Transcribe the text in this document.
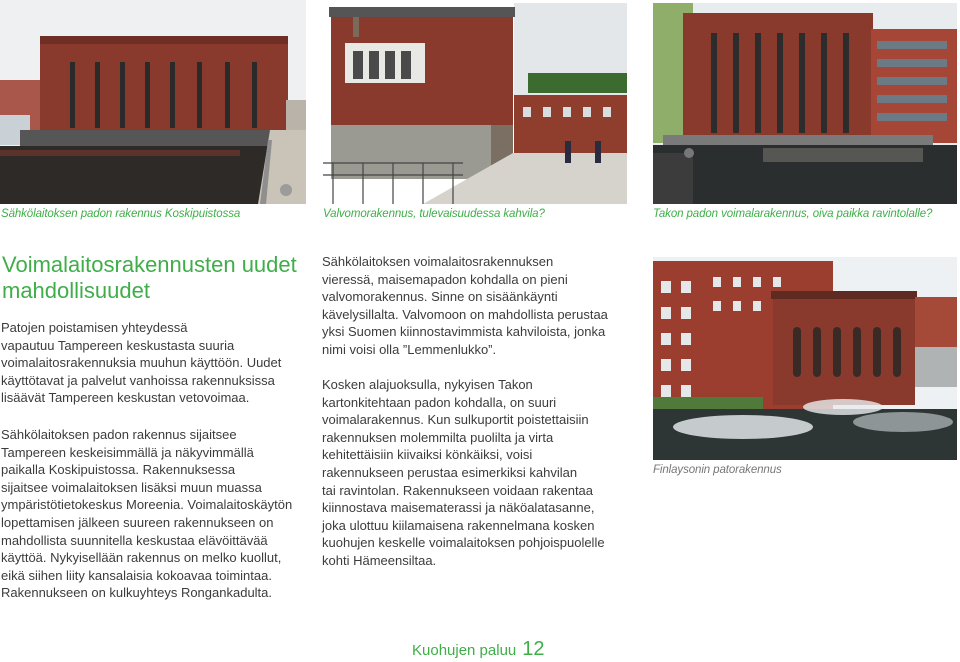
Sähkölaitoksen padon rakennus Koskipuistossa	Valvomorakennus, tulevaisuudessa kahvila?	Takon padon voimalarakennus, oiva paikka ravintolalle?
Finlaysonin patorakennus
Voimalaitosrakennusten uudet
mahdollisuudet
Patojen poistamisen yhteydessä
vapautuu Tampereen keskustasta suuria
voimalaitosrakennuksia muuhun käyttöön. Uudet
käyttötavat ja palvelut vanhoissa rakennuksissa
lisäävät Tampereen keskustan vetovoimaa.
Sähkölaitoksen padon rakennus sijaitsee
Tampereen keskeisimmällä ja näkyvimmällä
paikalla Koskipuistossa. Rakennuksessa
sijaitsee voimalaitoksen lisäksi muun muassa
ympäristötietokeskus Moreenia. Voimalaitoskäytön
lopettamisen jälkeen suureen rakennukseen on
mahdollista suunnitella keskustaa elävöittävää
käyttöä. Nykyisellään rakennus on melko kuollut,
eikä siihen liity kansalaisia kokoavaa toimintaa.
Rakennukseen on kulkuyhteys Rongankadulta.
Sähkölaitoksen voimalaitosrakennuksen
vieressä, maisemapadon kohdalla on pieni
valvomorakennus. Sinne on sisäänkäynti
kävelysillalta. Valvomoon on mahdollista perustaa
yksi Suomen kiinnostavimmista kahviloista, jonka
nimi voisi olla ”Lemmenlukko”.
Kosken alajuoksulla, nykyisen Takon
kartonkitehtaan padon kohdalla, on suuri
voimalarakennus. Kun sulkuportit poistettaisiin
rakennuksen molemmilta puolilta ja virta
kehitettäisiin kiivaiksi könkäiksi, voisi
rakennukseen perustaa esimerkiksi kahvilan
tai ravintolan. Rakennukseen voidaan rakentaa
kiinnostava maisematerassi ja näköalatasanne,
joka ulottuu kiilamaisena rakennelmana kosken
kuohujen keskelle voimalaitoksen pohjoispuolelle
kohti Hämeensiltaa.
Kuohujen paluu 12
